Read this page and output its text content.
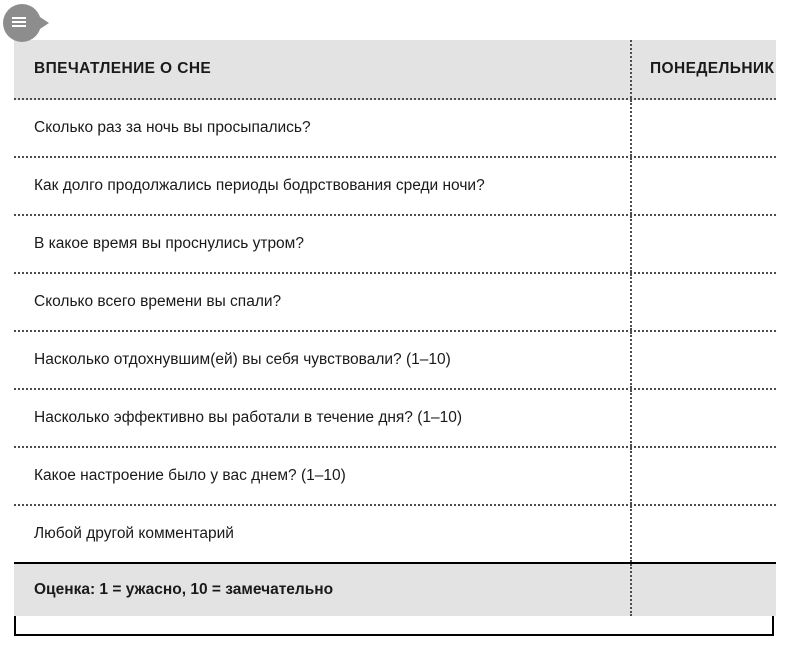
ВПЕЧАТЛЕНИЕ О СНЕ	ПОНЕДЕЛЬНИК
Сколько раз за ночь вы просыпались?
Как долго продолжались периоды бодрствования среди ночи?
В какое время вы проснулись утром?
Сколько всего времени вы спали?
Насколько отдохнувшим(ей) вы себя чувствовали? (1–10)
Насколько эффективно вы работали в течение дня? (1–10)
Какое настроение было у вас днем? (1–10)
Любой другой комментарий
Оценка: 1 = ужасно, 10 = замечательно
